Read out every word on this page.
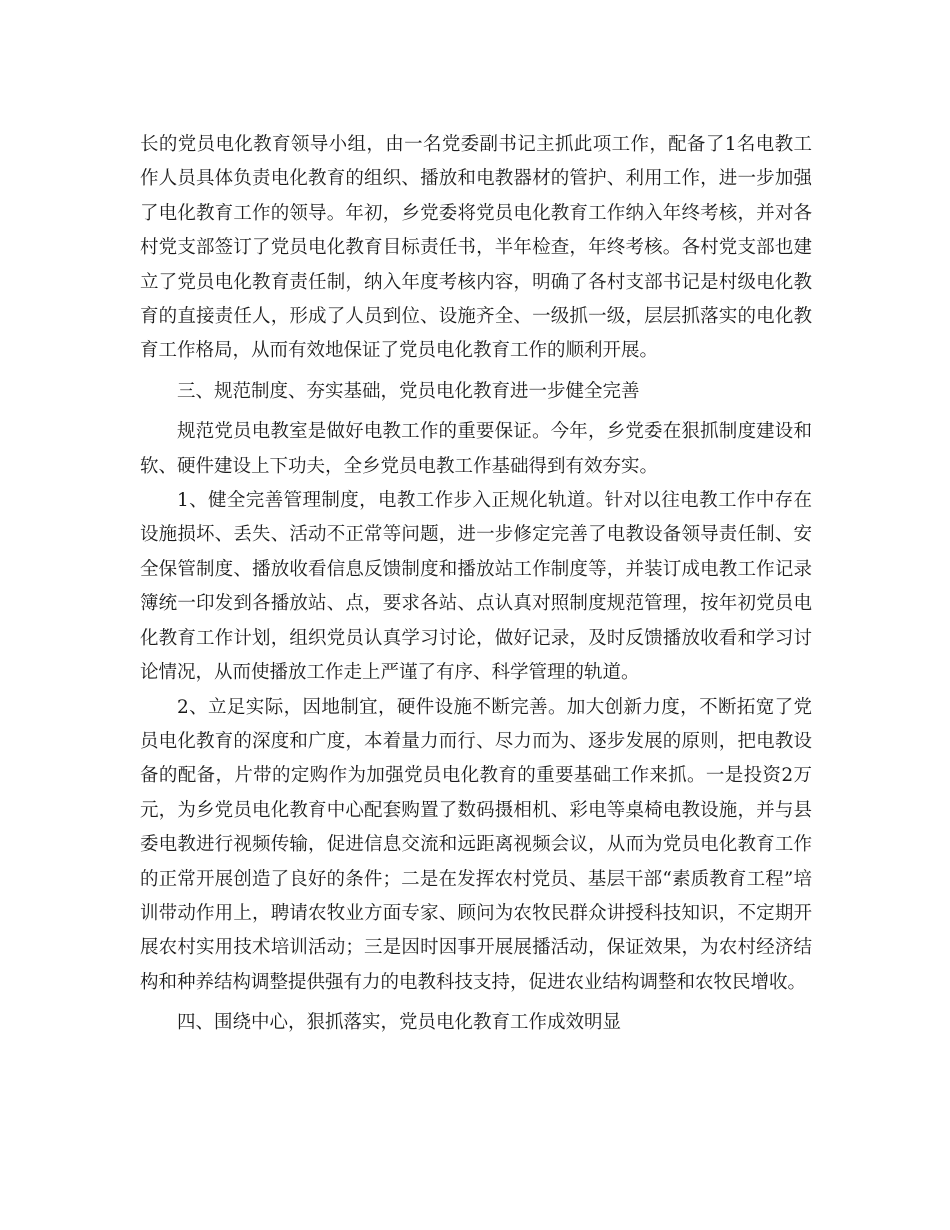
长的党员电化教育领导小组，由一名党委副书记主抓此项工作，配备了1名电教工作人员具体负责电化教育的组织、播放和电教器材的管护、利用工作，进一步加强了电化教育工作的领导。年初，乡党委将党员电化教育工作纳入年终考核，并对各村党支部签订了党员电化教育目标责任书，半年检查，年终考核。各村党支部也建立了党员电化教育责任制，纳入年度考核内容，明确了各村支部书记是村级电化教育的直接责任人，形成了人员到位、设施齐全、一级抓一级，层层抓落实的电化教育工作格局，从而有效地保证了党员电化教育工作的顺利开展。

三、规范制度、夯实基础，党员电化教育进一步健全完善

规范党员电教室是做好电教工作的重要保证。今年，乡党委在狠抓制度建设和软、硬件建设上下功夫，全乡党员电教工作基础得到有效夯实。

1、健全完善管理制度，电教工作步入正规化轨道。针对以往电教工作中存在设施损坏、丢失、活动不正常等问题，进一步修定完善了电教设备领导责任制、安全保管制度、播放收看信息反馈制度和播放站工作制度等，并装订成电教工作记录簿统一印发到各播放站、点，要求各站、点认真对照制度规范管理，按年初党员电化教育工作计划，组织党员认真学习讨论，做好记录，及时反馈播放收看和学习讨论情况，从而使播放工作走上严谨了有序、科学管理的轨道。

2、立足实际，因地制宜，硬件设施不断完善。加大创新力度，不断拓宽了党员电化教育的深度和广度，本着量力而行、尽力而为、逐步发展的原则，把电教设备的配备，片带的定购作为加强党员电化教育的重要基础工作来抓。一是投资2万元，为乡党员电化教育中心配套购置了数码摄相机、彩电等桌椅电教设施，并与县委电教进行视频传输，促进信息交流和远距离视频会议，从而为党员电化教育工作的正常开展创造了良好的条件；二是在发挥农村党员、基层干部“素质教育工程”培训带动作用上，聘请农牧业方面专家、顾问为农牧民群众讲授科技知识，不定期开展农村实用技术培训活动；三是因时因事开展展播活动，保证效果，为农村经济结构和种养结构调整提供强有力的电教科技支持，促进农业结构调整和农牧民增收。

四、围绕中心，狠抓落实，党员电化教育工作成效明显
